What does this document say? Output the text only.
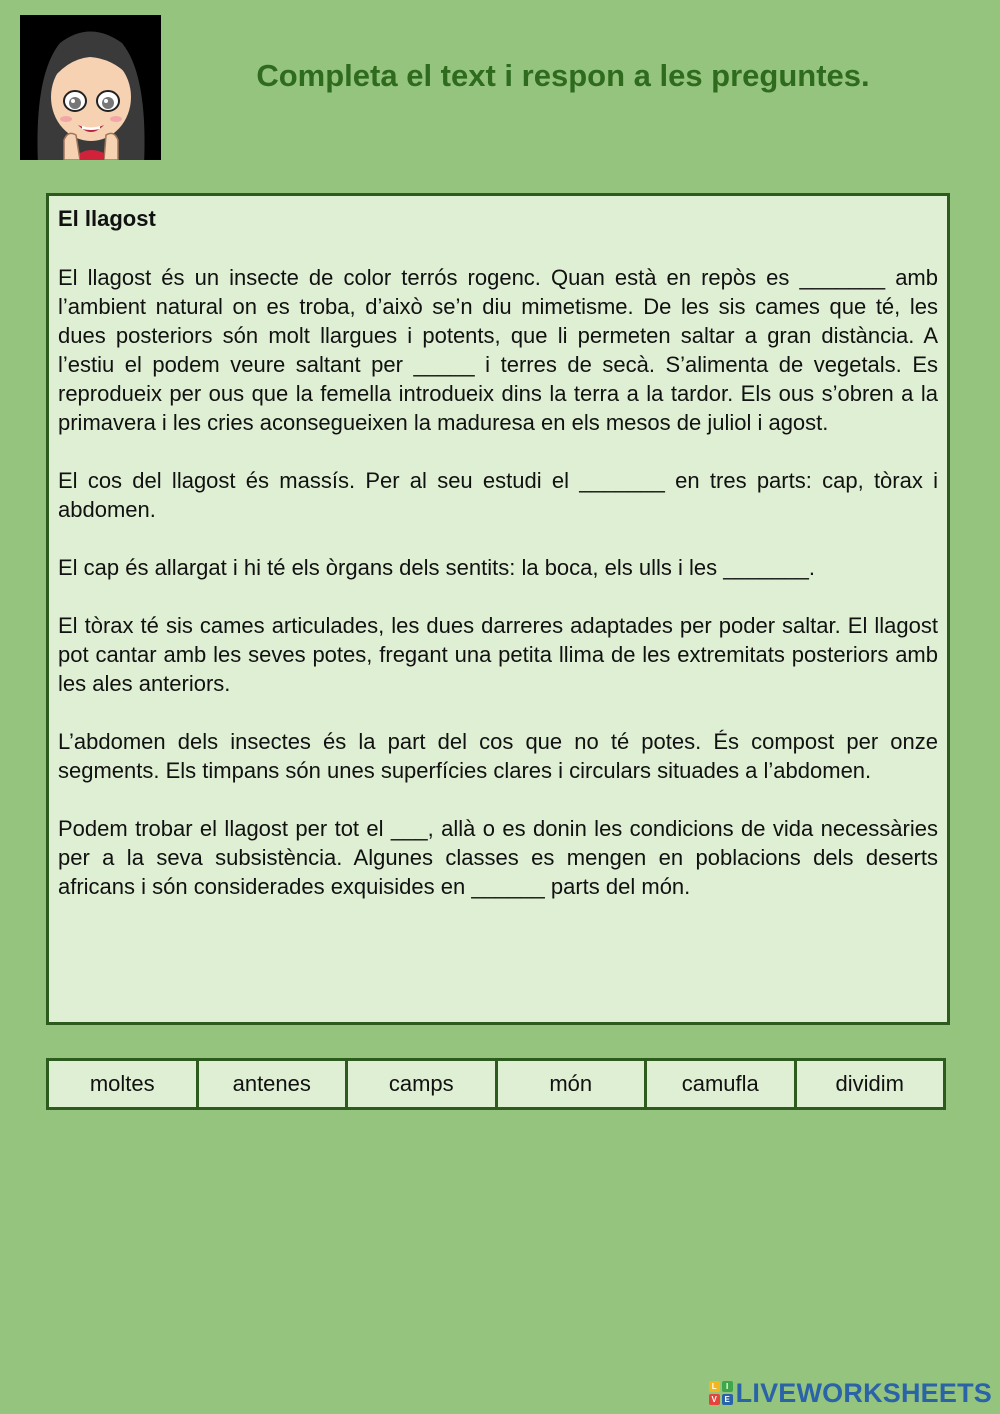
Completa el text i respon a les preguntes.
El llagost

El llagost és un insecte de color terrós rogenc. Quan està en repòs es _______ amb l’ambient natural on es troba, d’això se’n diu mimetisme. De les sis cames que té, les dues posteriors són molt llargues i potents, que li permeten saltar a gran distància. A l’estiu el podem veure saltant per _____ i terres de secà. S’alimenta de vegetals. Es reprodueix per ous que la femella introdueix dins la terra a la tardor. Els ous s’obren a la primavera i les cries aconsegueixen la maduresa en els mesos de juliol i agost.

El cos del llagost és massís. Per al seu estudi el _______ en tres parts: cap, tòrax i abdomen.

El cap és allargat i hi té els òrgans dels sentits: la boca, els ulls i les _______.

El tòrax té sis cames articulades, les dues darreres adaptades per poder saltar. El llagost pot cantar amb les seves potes, fregant una petita llima de les extremitats posteriors amb les ales anteriors.

L’abdomen dels insectes és la part del cos que no té potes. És compost per onze segments. Els timpans són unes superfícies clares i circulars situades a l’abdomen.

Podem trobar el llagost per tot el ___, allà o es donin les condicions de vida necessàries per a la seva subsistència. Algunes classes es mengen en poblacions dels deserts africans i són considerades exquisides en ______ parts del món.

moltes	antenes	camps	món	camufla	dividim
L	I
V E LIVEWORKSHEETS
